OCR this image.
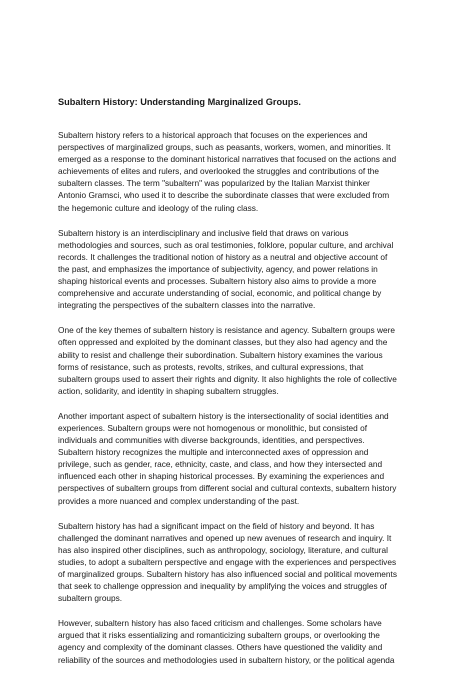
Subaltern History: Understanding Marginalized Groups.
Subaltern history refers to a historical approach that focuses on the experiences and
perspectives of marginalized groups, such as peasants, workers, women, and minorities. It
emerged as a response to the dominant historical narratives that focused on the actions and
achievements of elites and rulers, and overlooked the struggles and contributions of the
subaltern classes. The term "subaltern" was popularized by the Italian Marxist thinker
Antonio Gramsci, who used it to describe the subordinate classes that were excluded from
the hegemonic culture and ideology of the ruling class.
Subaltern history is an interdisciplinary and inclusive field that draws on various
methodologies and sources, such as oral testimonies, folklore, popular culture, and archival
records. It challenges the traditional notion of history as a neutral and objective account of
the past, and emphasizes the importance of subjectivity, agency, and power relations in
shaping historical events and processes. Subaltern history also aims to provide a more
comprehensive and accurate understanding of social, economic, and political change by
integrating the perspectives of the subaltern classes into the narrative.
One of the key themes of subaltern history is resistance and agency. Subaltern groups were
often oppressed and exploited by the dominant classes, but they also had agency and the
ability to resist and challenge their subordination. Subaltern history examines the various
forms of resistance, such as protests, revolts, strikes, and cultural expressions, that
subaltern groups used to assert their rights and dignity. It also highlights the role of collective
action, solidarity, and identity in shaping subaltern struggles.
Another important aspect of subaltern history is the intersectionality of social identities and
experiences. Subaltern groups were not homogenous or monolithic, but consisted of
individuals and communities with diverse backgrounds, identities, and perspectives.
Subaltern history recognizes the multiple and interconnected axes of oppression and
privilege, such as gender, race, ethnicity, caste, and class, and how they intersected and
influenced each other in shaping historical processes. By examining the experiences and
perspectives of subaltern groups from different social and cultural contexts, subaltern history
provides a more nuanced and complex understanding of the past.
Subaltern history has had a significant impact on the field of history and beyond. It has
challenged the dominant narratives and opened up new avenues of research and inquiry. It
has also inspired other disciplines, such as anthropology, sociology, literature, and cultural
studies, to adopt a subaltern perspective and engage with the experiences and perspectives
of marginalized groups. Subaltern history has also influenced social and political movements
that seek to challenge oppression and inequality by amplifying the voices and struggles of
subaltern groups.
However, subaltern history has also faced criticism and challenges. Some scholars have
argued that it risks essentializing and romanticizing subaltern groups, or overlooking the
agency and complexity of the dominant classes. Others have questioned the validity and
reliability of the sources and methodologies used in subaltern history, or the political agenda
